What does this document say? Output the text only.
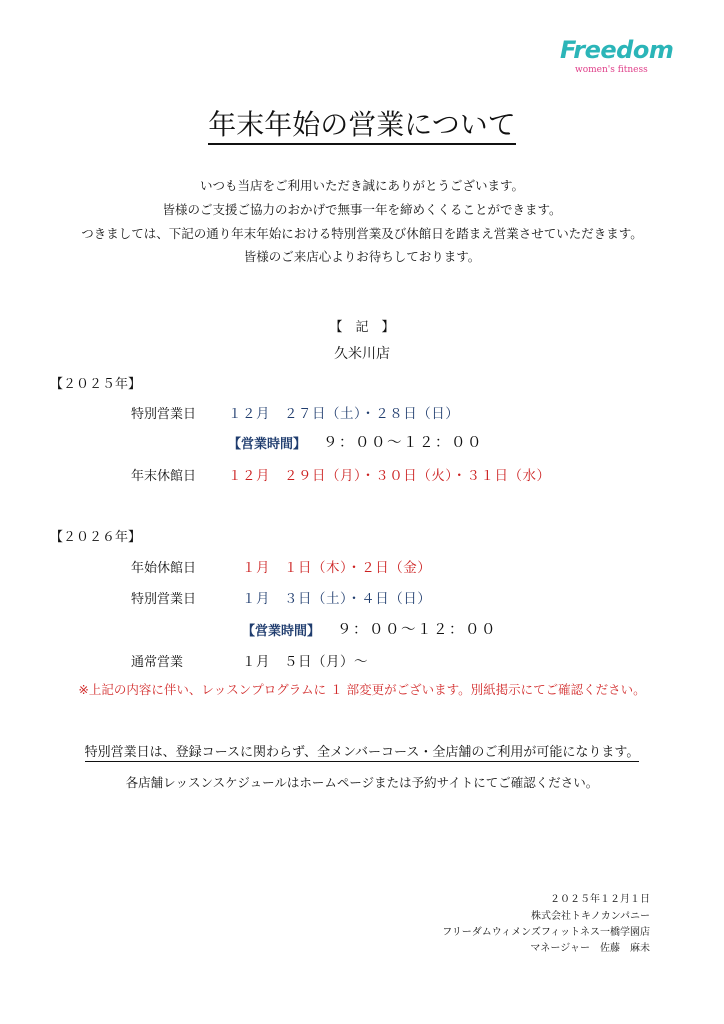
Freedom
women's fitness
年末年始の営業について
いつも当店をご利用いただき誠にありがとうございます。
皆様のご支援ご協力のおかげで無事一年を締めくくることができます。
つきましては、下記の通り年末年始における特別営業及び休館日を踏まえ営業させていただきます。
皆様のご来店心よりお待ちしております。
【　記　】
久米川店
【２０２５年】
特別営業日 １２月　２７日（土）・２８日（日）
【営業時間】 ９：００～１２：００
年末休館日 １２月　２９日（月）・３０日（火）・３１日（水）
【２０２６年】
年始休館日	１月　１日（木）・２日（金）
特別営業日	１月　３日（土）・４日（日）
【営業時間】 ９：００～１２：００
通常営業	１月　５日（月）～
※上記の内容に伴い、レッスンプログラムに １ 部変更がございます。別紙掲示にてご確認ください。
特別営業日は、登録コースに関わらず、全メンバーコース・全店舗のご利用が可能になります。
各店舗レッスンスケジュールはホームページまたは予約サイトにてご確認ください。
２０２５年１２月１日
株式会社トキノカンパニー
フリーダムウィメンズフィットネス一橋学園店
マネージャー　佐藤　麻未
